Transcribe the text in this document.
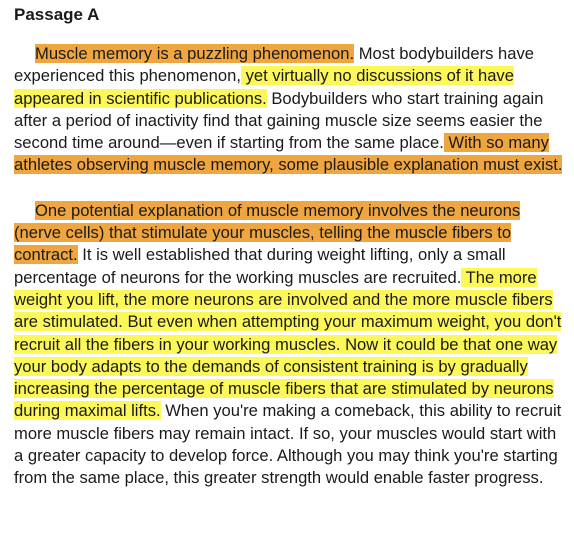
Passage A

Muscle memory is a puzzling phenomenon. Most bodybuilders have experienced this phenomenon, yet virtually no discussions of it have appeared in scientific publications. Bodybuilders who start training again after a period of inactivity find that gaining muscle size seems easier the second time around—even if starting from the same place. With so many athletes observing muscle memory, some plausible explanation must exist.

One potential explanation of muscle memory involves the neurons (nerve cells) that stimulate your muscles, telling the muscle fibers to contract. It is well established that during weight lifting, only a small percentage of neurons for the working muscles are recruited. The more weight you lift, the more neurons are involved and the more muscle fibers are stimulated. But even when attempting your maximum weight, you don't recruit all the fibers in your working muscles. Now it could be that one way your body adapts to the demands of consistent training is by gradually increasing the percentage of muscle fibers that are stimulated by neurons during maximal lifts. When you're making a comeback, this ability to recruit more muscle fibers may remain intact. If so, your muscles would start with a greater capacity to develop force. Although you may think you're starting from the same place, this greater strength would enable faster progress.
